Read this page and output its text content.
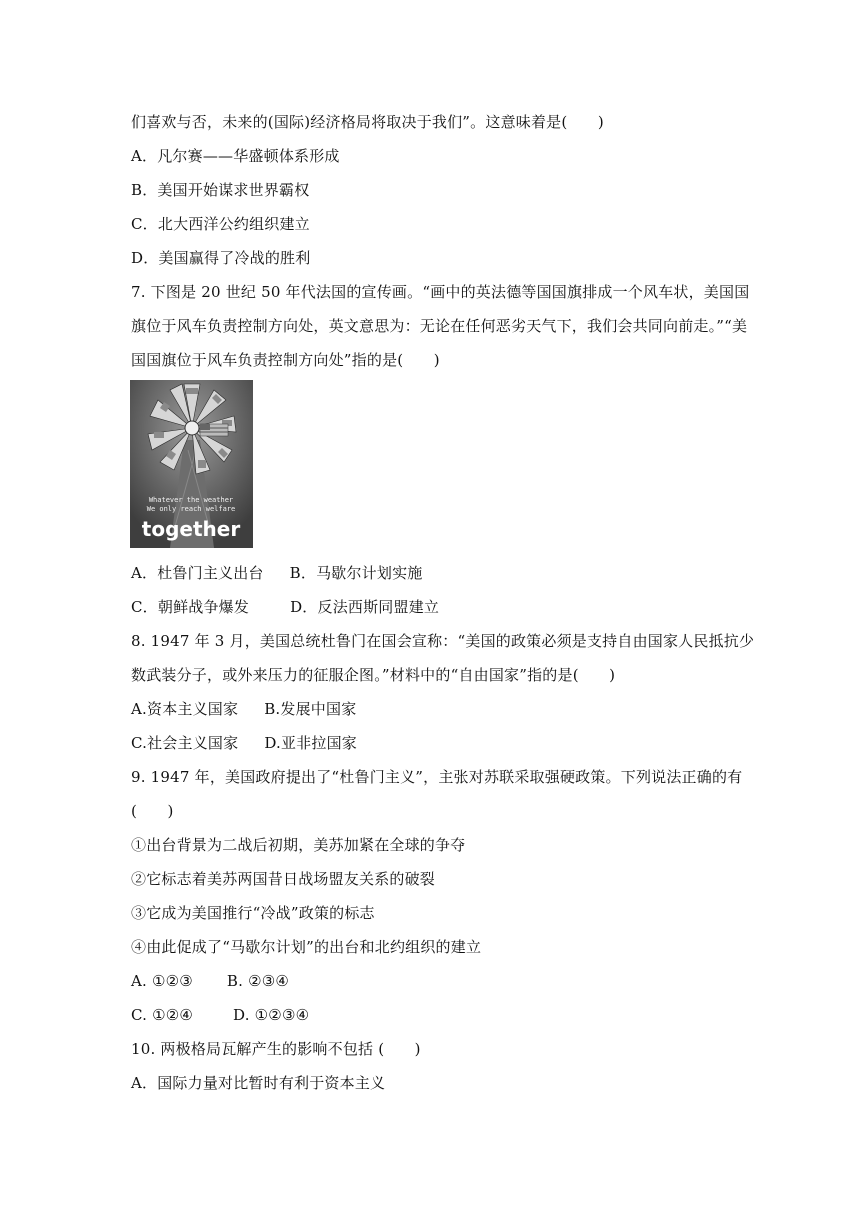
们喜欢与否，未来的(国际)经济格局将取决于我们”。这意味着是(　　)
A．凡尔赛——华盛顿体系形成
B．美国开始谋求世界霸权
C．北大西洋公约组织建立
D．美国赢得了冷战的胜利
7. 下图是 20 世纪 50 年代法国的宣传画。“画中的英法德等国国旗排成一个风车状，美国国
旗位于风车负责控制方向处，英文意思为：无论在任何恶劣天气下，我们会共同向前走。”“美
国国旗位于风车负责控制方向处”指的是(　　)
Whatever the weather
We only reach welfare
together
A．杜鲁门主义出台 B．马歇尔计划实施
C．朝鲜战争爆发	D．反法西斯同盟建立
8. 1947 年 3 月，美国总统杜鲁门在国会宣称：“美国的政策必须是支持自由国家人民抵抗少
数武装分子，或外来压力的征服企图。”材料中的“自由国家”指的是(　　)
A.资本主义国家 B.发展中国家
C.社会主义国家 D.亚非拉国家
9. 1947 年，美国政府提出了“杜鲁门主义”，主张对苏联采取强硬政策。下列说法正确的有
(　　)
①出台背景为二战后初期，美苏加紧在全球的争夺
②它标志着美苏两国昔日战场盟友关系的破裂
③它成为美国推行“冷战”政策的标志
④由此促成了“马歇尔计划”的出台和北约组织的建立
A. ①②③ B. ②③④
C. ①②④	D. ①②③④
10. 两极格局瓦解产生的影响不包括 (　　)
A．国际力量对比暂时有利于资本主义
